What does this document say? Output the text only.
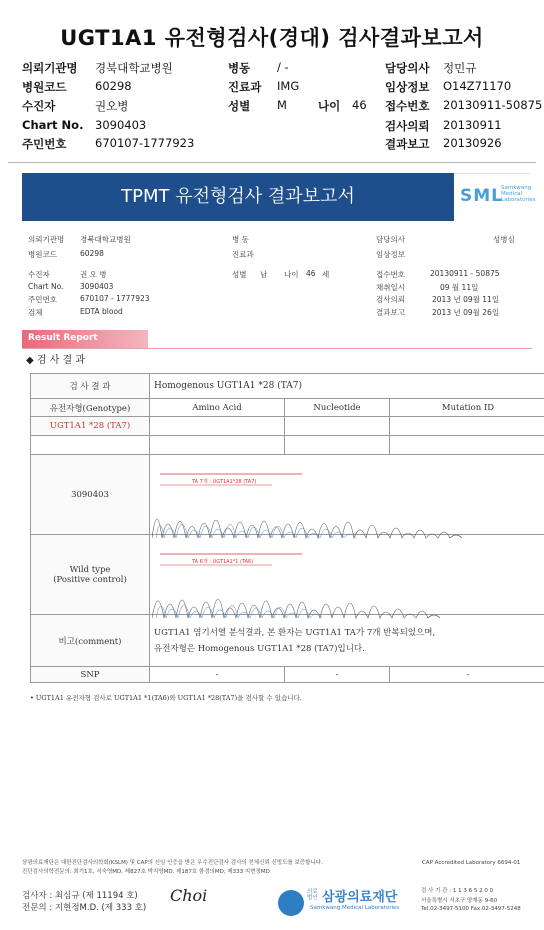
UGT1A1 유전형검사(경대) 검사결과보고서
의뢰기관명 경북대학교병원	병동 / -	담당의사 정민규
병원코드 60298	진료과 IMG	임상정보 O14Z71170
수진자	권오병	성별 M	나이 46 접수번호 20130911-50875
Chart No. 3090403	검사의뢰 20130911
주민번호 670107-1777923	결과보고 20130926
TPMT 유전형검사 결과보고서	SML
Samkwang Medical Laboratories
의뢰기관명 경북대학교병원	병 동	담당의사	성병심
병원코드	60298	진료과	임상정보
수진자	권 오 병	성별 남 나이 46 세	접수번호	20130911 - 50875
Chart No. 3090403	채취일시	09 월 11일
주민번호	670107 - 1777923	검사의뢰	2013 년 09월 11일
검체	EDTA blood	결과보고	2013 년 09월 26일
Result Report
◆ 검 사 결 과
검 사 결 과	Homogenous UGT1A1 *28 (TA7)		
유전자형(Genotype)	Amino Acid	Nucleotide	Mutation ID
UGT1A1 *28 (TA7)			

3090403			

Wild type
(Positive control)			

비고(comment)	UGT1A1 염기서열 분석결과, 본 환자는 UGT1A1 TA가 7개 반복되었으며,
유전자형은 Homogenous UGT1A1 *28 (TA7)입니다.		

SNP	-	-	-
TA 7개 : UGT1A1*28 (TA7)
TA 6개 : UGT1A1*1 (TA6)
• UGT1A1 유전자형 검사로 UGT1A1 *1(TA6)와 UGT1A1 *28(TA7)을 검사할 수 있습니다.
삼광의료재단은 대한진단검사의학회(KSLM) 및 CAP의 신임 인증을 받은 우수진단검사 검사의 전체신뢰 신빙도를 보증합니다.
진단검사의학전문의: 최기1호, 서숙영MD, 제827호 박지영MD, 제187호 함경의MD, 제333 지현정MD
CAP Accredited Laboratory 6694-01
검사자 : 최심규 (제 11194 호)
전문의 : 지현정M.D. (제 333 호)
Choi	의료법인 삼광의료재단
Samkwang Medical Laboratories
검 사 기 관 : 1 1 3 6 5 2 0 0
서울특별시 서초구 양재동 9-60
Tel.02-3497-5100 Fax.02-3497-5248
